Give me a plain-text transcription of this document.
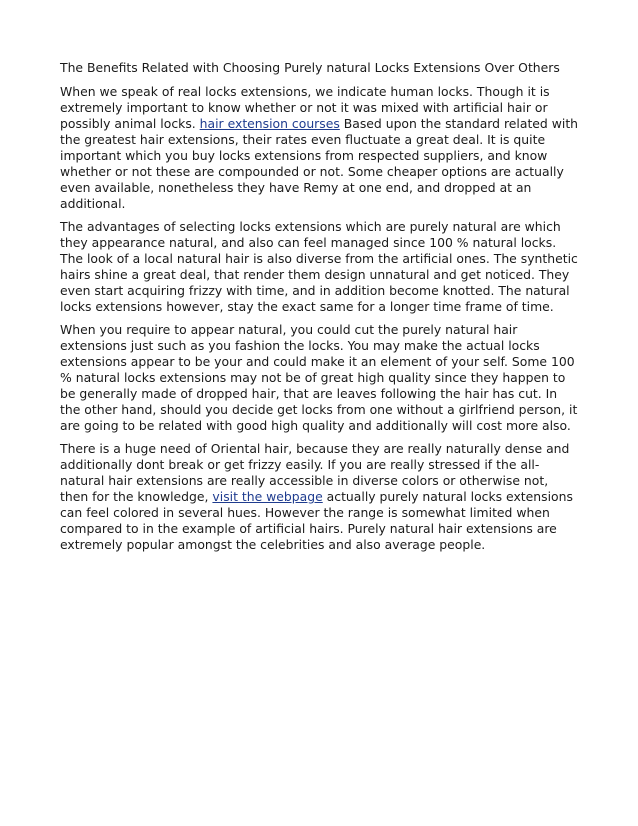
The Benefits Related with Choosing Purely natural Locks Extensions Over Others

When we speak of real locks extensions, we indicate human locks. Though it is extremely important to know whether or not it was mixed with artificial hair or possibly animal locks. hair extension courses Based upon the standard related with the greatest hair extensions, their rates even fluctuate a great deal. It is quite important which you buy locks extensions from respected suppliers, and know whether or not these are compounded or not. Some cheaper options are actually even available, nonetheless they have Remy at one end, and dropped at an additional.

The advantages of selecting locks extensions which are purely natural are which they appearance natural, and also can feel managed since 100 % natural locks. The look of a local natural hair is also diverse from the artificial ones. The synthetic hairs shine a great deal, that render them design unnatural and get noticed. They even start acquiring frizzy with time, and in addition become knotted. The natural locks extensions however, stay the exact same for a longer time frame of time.

When you require to appear natural, you could cut the purely natural hair extensions just such as you fashion the locks. You may make the actual locks extensions appear to be your and could make it an element of your self. Some 100 % natural locks extensions may not be of great high quality since they happen to be generally made of dropped hair, that are leaves following the hair has cut. In the other hand, should you decide get locks from one without a girlfriend person, it are going to be related with good high quality and additionally will cost more also.

There is a huge need of Oriental hair, because they are really naturally dense and additionally dont break or get frizzy easily. If you are really stressed if the all-natural hair extensions are really accessible in diverse colors or otherwise not, then for the knowledge, visit the webpage actually purely natural locks extensions can feel colored in several hues. However the range is somewhat limited when compared to in the example of artificial hairs. Purely natural hair extensions are extremely popular amongst the celebrities and also average people.
